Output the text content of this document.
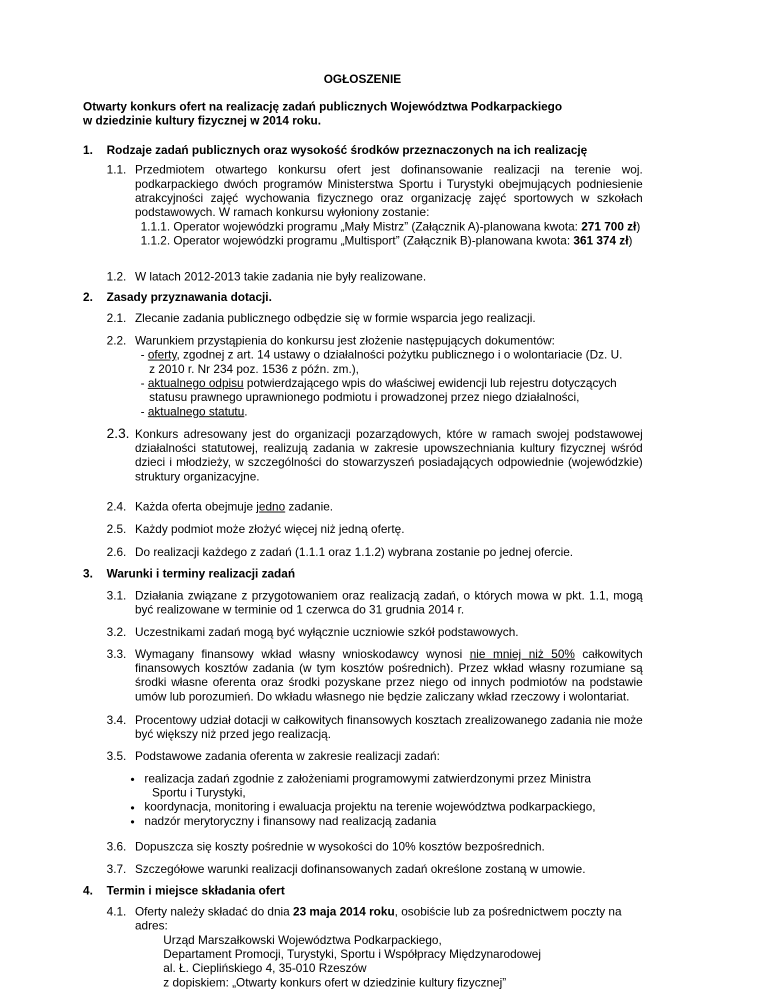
OGŁOSZENIE
Otwarty konkurs ofert na realizację zadań publicznych Województwa Podkarpackiego
w dziedzinie kultury fizycznej w 2014 roku.
1. Rodzaje zadań publicznych oraz wysokość środków przeznaczonych na ich realizację
1.1. Przedmiotem otwartego konkursu ofert jest dofinansowanie realizacji na terenie woj. podkarpackiego dwóch programów Ministerstwa Sportu i Turystyki obejmujących podniesienie atrakcyjności zajęć wychowania fizycznego oraz organizację zajęć sportowych w szkołach podstawowych. W ramach konkursu wyłoniony zostanie:
1.1.1. Operator wojewódzki programu „Mały Mistrz” (Załącznik A)-planowana kwota: 271 700 zł)
1.1.2. Operator wojewódzki programu „Multisport” (Załącznik B)-planowana kwota: 361 374 zł)
1.2. W latach 2012-2013 takie zadania nie były realizowane.
2. Zasady przyznawania dotacji.
2.1. Zlecanie zadania publicznego odbędzie się w formie wsparcia jego realizacji.
2.2. Warunkiem przystąpienia do konkursu jest złożenie następujących dokumentów:
- oferty, zgodnej z art. 14 ustawy o działalności pożytku publicznego i o wolontariacie (Dz. U.
z 2010 r. Nr 234 poz. 1536 z późn. zm.),
- aktualnego odpisu potwierdzającego wpis do właściwej ewidencji lub rejestru dotyczących
statusu prawnego uprawnionego podmiotu i prowadzonej przez niego działalności,
- aktualnego statutu.
2.3. Konkurs adresowany jest do organizacji pozarządowych, które w ramach swojej podstawowej działalności statutowej, realizują zadania w zakresie upowszechniania kultury fizycznej wśród dzieci i młodzieży, w szczególności do stowarzyszeń posiadających odpowiednie (wojewódzkie) struktury organizacyjne.
2.4. Każda oferta obejmuje jedno zadanie.
2.5. Każdy podmiot może złożyć więcej niż jedną ofertę.
2.6. Do realizacji każdego z zadań (1.1.1 oraz 1.1.2) wybrana zostanie po jednej ofercie.
3. Warunki i terminy realizacji zadań
3.1. Działania związane z przygotowaniem oraz realizacją zadań, o których mowa w pkt. 1.1, mogą być realizowane w terminie od 1 czerwca do 31 grudnia 2014 r.
3.2. Uczestnikami zadań mogą być wyłącznie uczniowie szkół podstawowych.
3.3. Wymagany finansowy wkład własny wnioskodawcy wynosi nie mniej niż 50% całkowitych finansowych kosztów zadania (w tym kosztów pośrednich). Przez wkład własny rozumiane są środki własne oferenta oraz środki pozyskane przez niego od innych podmiotów na podstawie umów lub porozumień. Do wkładu własnego nie będzie zaliczany wkład rzeczowy i wolontariat.
3.4. Procentowy udział dotacji w całkowitych finansowych kosztach zrealizowanego zadania nie może być większy niż przed jego realizacją.
3.5. Podstawowe zadania oferenta w zakresie realizacji zadań:
● realizacja zadań zgodnie z założeniami programowymi zatwierdzonymi przez Ministra
Sportu i Turystyki,
● koordynacja, monitoring i ewaluacja projektu na terenie województwa podkarpackiego,
● nadzór merytoryczny i finansowy nad realizacją zadania
3.6. Dopuszcza się koszty pośrednie w wysokości do 10% kosztów bezpośrednich.
3.7. Szczegółowe warunki realizacji dofinansowanych zadań określone zostaną w umowie.
4. Termin i miejsce składania ofert
4.1. Oferty należy składać do dnia 23 maja 2014 roku, osobiście lub za pośrednictwem poczty na adres:
Urząd Marszałkowski Województwa Podkarpackiego,
Departament Promocji, Turystyki, Sportu i Współpracy Międzynarodowej
al. Ł. Cieplińskiego 4, 35-010 Rzeszów
z dopiskiem: „Otwarty konkurs ofert w dziedzinie kultury fizycznej”
